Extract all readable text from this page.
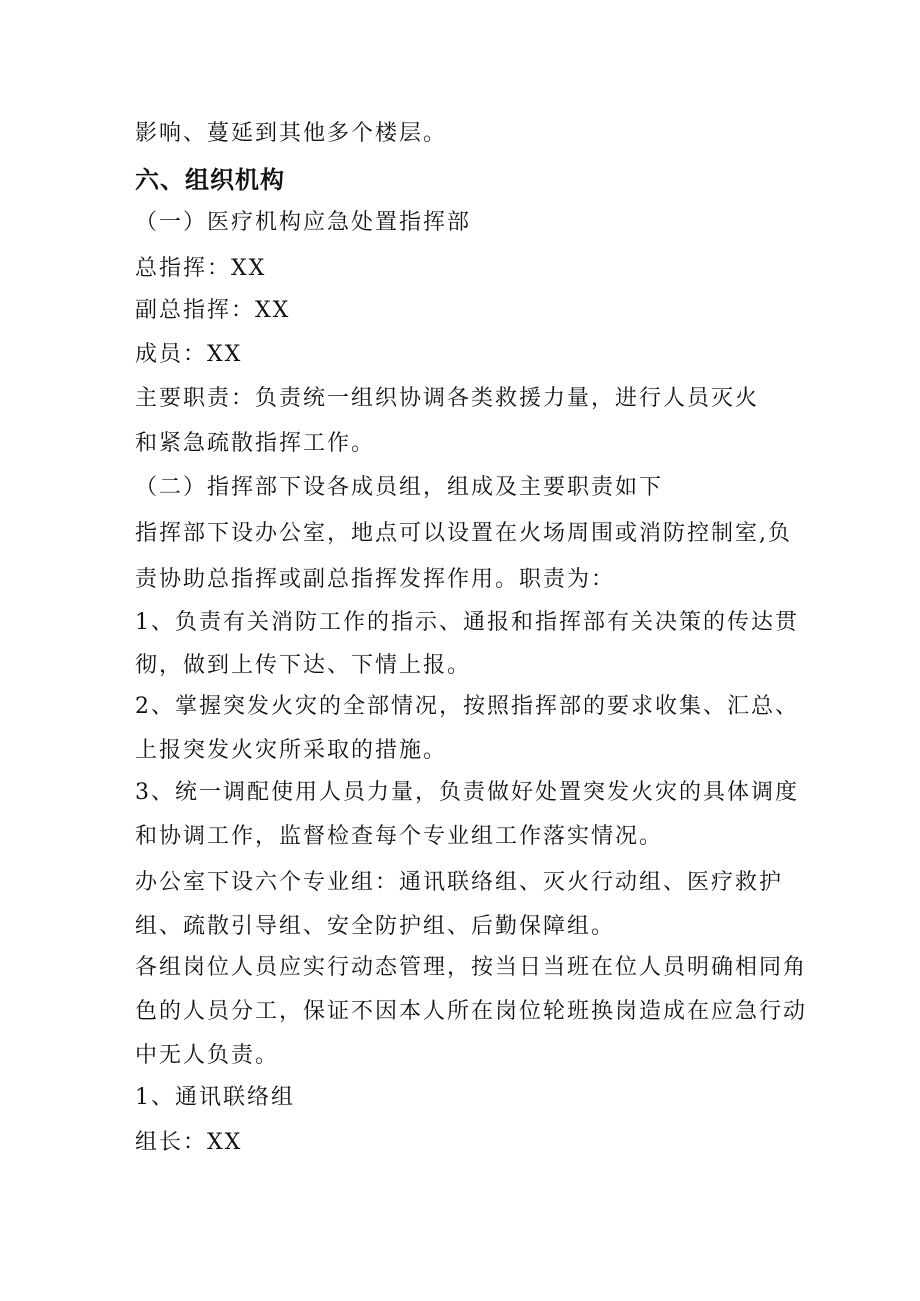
影响、蔓延到其他多个楼层。
六、组织机构
（一）医疗机构应急处置指挥部
总指挥：XX
副总指挥：XX
成员：XX
主要职责：负责统一组织协调各类救援力量，进行人员灭火
和紧急疏散指挥工作。
（二）指挥部下设各成员组，组成及主要职责如下
指挥部下设办公室，地点可以设置在火场周围或消防控制室,负
责协助总指挥或副总指挥发挥作用。职责为：
1、负责有关消防工作的指示、通报和指挥部有关决策的传达贯
彻，做到上传下达、下情上报。
2、掌握突发火灾的全部情况，按照指挥部的要求收集、汇总、
上报突发火灾所采取的措施。
3、统一调配使用人员力量，负责做好处置突发火灾的具体调度
和协调工作，监督检查每个专业组工作落实情况。
办公室下设六个专业组：通讯联络组、灭火行动组、医疗救护
组、疏散引导组、安全防护组、后勤保障组。
各组岗位人员应实行动态管理，按当日当班在位人员明确相同角
色的人员分工，保证不因本人所在岗位轮班换岗造成在应急行动
中无人负责。
1、通讯联络组
组长：XX
